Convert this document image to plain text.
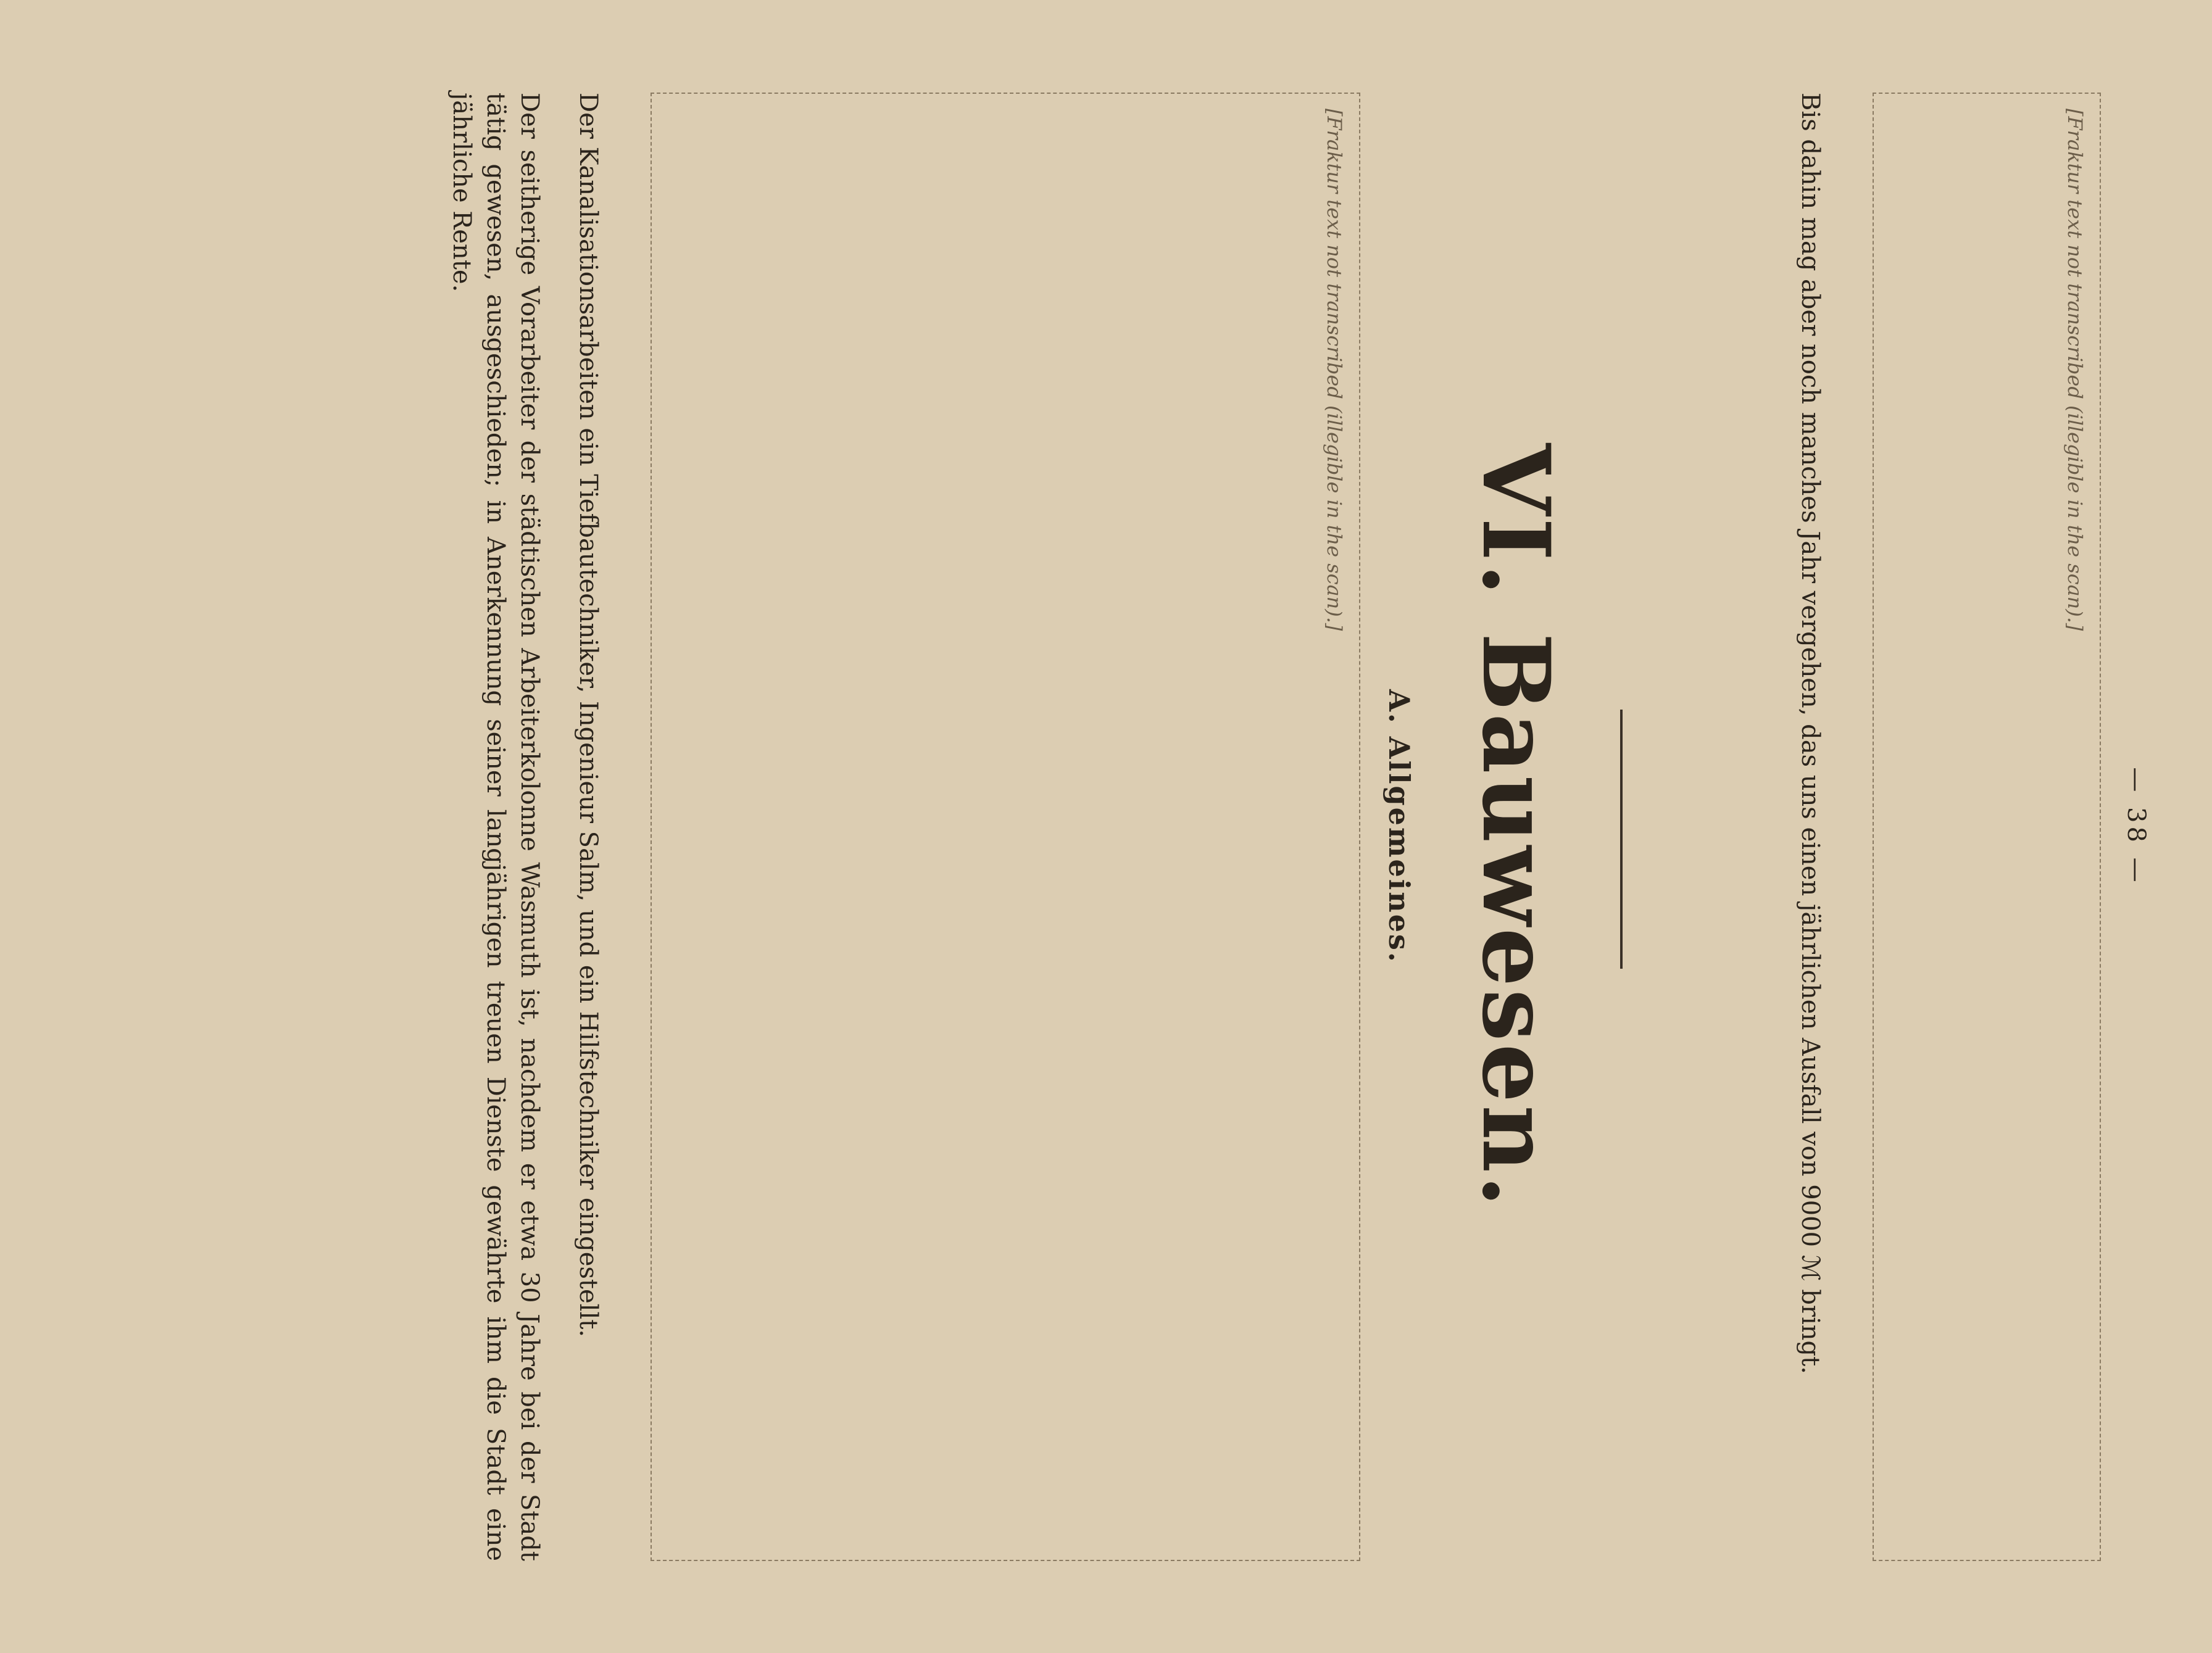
— 38 —
[Fraktur text not transcribed (illegible in the scan).]

Bis dahin mag aber noch manches Jahr vergehen, das uns einen jährlichen Ausfall von 9000 ℳ bringt.

VI. Bauwesen.
A. Allgemeines.
[Fraktur text not transcribed (illegible in the scan).]

Der Kanalisationsarbeiten ein Tiefbautechniker, Ingenieur Salm, und ein Hilfstechniker eingestellt.

Der seitherige Vorarbeiter der städtischen Arbeiterkolonne Wasmuth ist, nachdem er etwa 30 Jahre bei der Stadt tätig gewesen, ausgeschieden; in Anerkennung seiner langjährigen treuen Dienste gewährte ihm die Stadt eine jährliche Rente.
